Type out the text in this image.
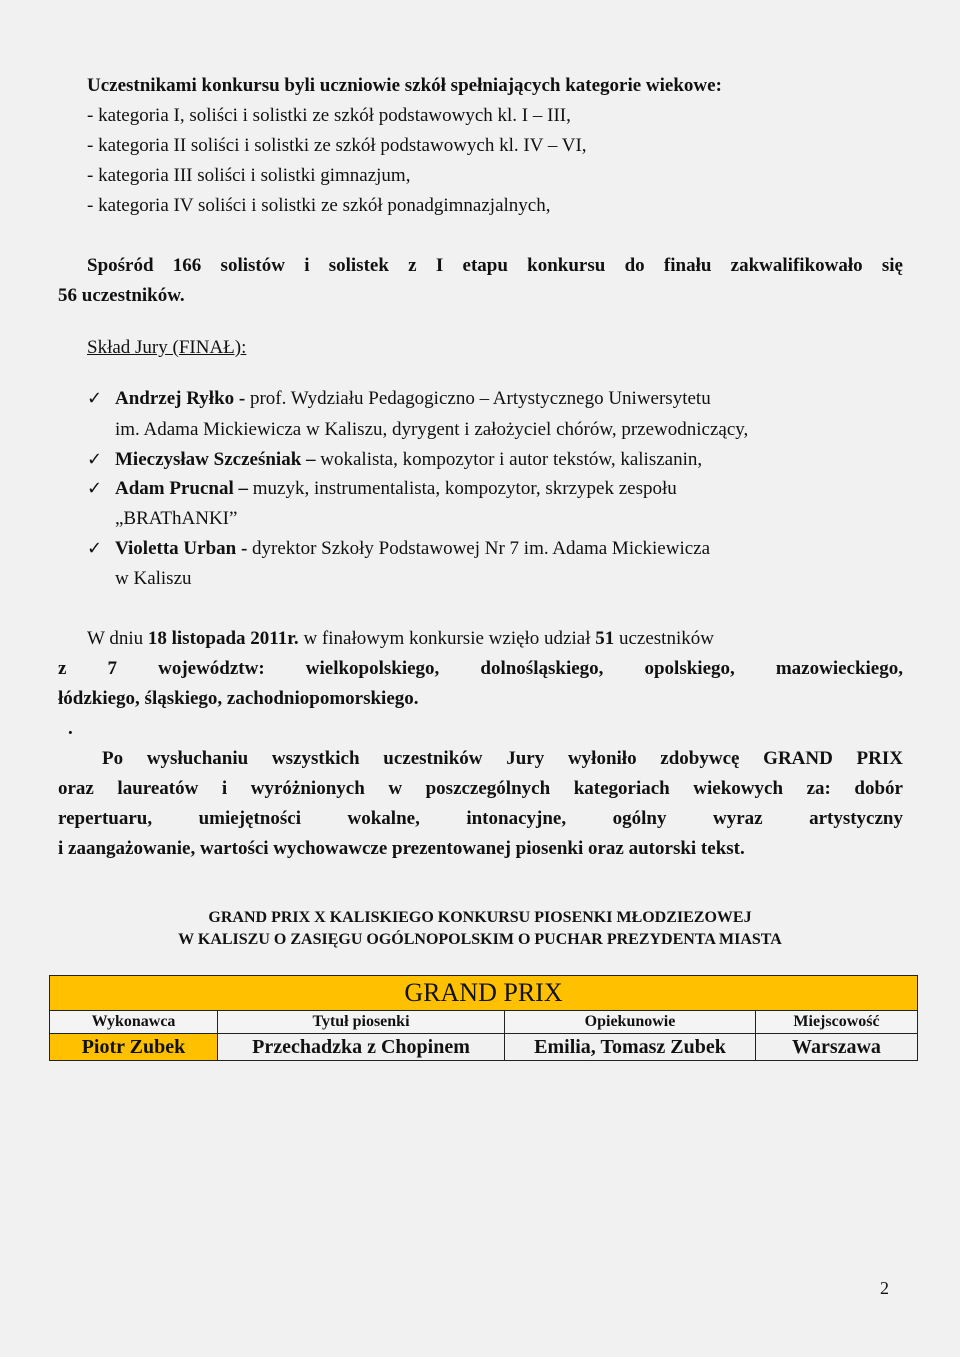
Uczestnikami konkursu byli uczniowie szkół spełniających kategorie wiekowe:
- kategoria I, soliści i solistki ze szkół podstawowych kl. I – III,
- kategoria II soliści i solistki ze szkół podstawowych kl. IV – VI,
- kategoria III soliści i solistki gimnazjum,
- kategoria IV soliści i solistki ze szkół ponadgimnazjalnych,
Spośród 166 solistów i solistek z I etapu konkursu do finału zakwalifikowało się
56 uczestników.
Skład Jury (FINAŁ):
✓ Andrzej Ryłko - prof. Wydziału Pedagogiczno – Artystycznego Uniwersytetu
im. Adama Mickiewicza w Kaliszu, dyrygent i założyciel chórów, przewodniczący,
✓ Mieczysław Szcześniak – wokalista, kompozytor i autor tekstów, kaliszanin,
✓ Adam Prucnal – muzyk, instrumentalista, kompozytor, skrzypek zespołu
„BRAThANKI”
✓ Violetta Urban - dyrektor Szkoły Podstawowej Nr 7 im. Adama Mickiewicza
w Kaliszu
W dniu 18 listopada 2011r. w finałowym konkursie wzięło udział 51 uczestników
z 7 województw: wielkopolskiego, dolnośląskiego, opolskiego, mazowieckiego,
łódzkiego, śląskiego, zachodniopomorskiego.
.
Po wysłuchaniu wszystkich uczestników Jury wyłoniło zdobywcę GRAND PRIX
oraz laureatów i wyróżnionych w poszczególnych kategoriach wiekowych za: dobór
repertuaru, umiejętności wokalne, intonacyjne, ogólny wyraz artystyczny
i zaangażowanie, wartości wychowawcze prezentowanej piosenki oraz autorski tekst.
GRAND PRIX X KALISKIEGO KONKURSU PIOSENKI MŁODZIEZOWEJ
W KALISZU O ZASIĘGU OGÓLNOPOLSKIM O PUCHAR PREZYDENTA MIASTA
GRAND PRIX			
Wykonawca	Tytuł piosenki	Opiekunowie	Miejscowość
Piotr Zubek	Przechadzka z Chopinem	Emilia, Tomasz Zubek	Warszawa
2
